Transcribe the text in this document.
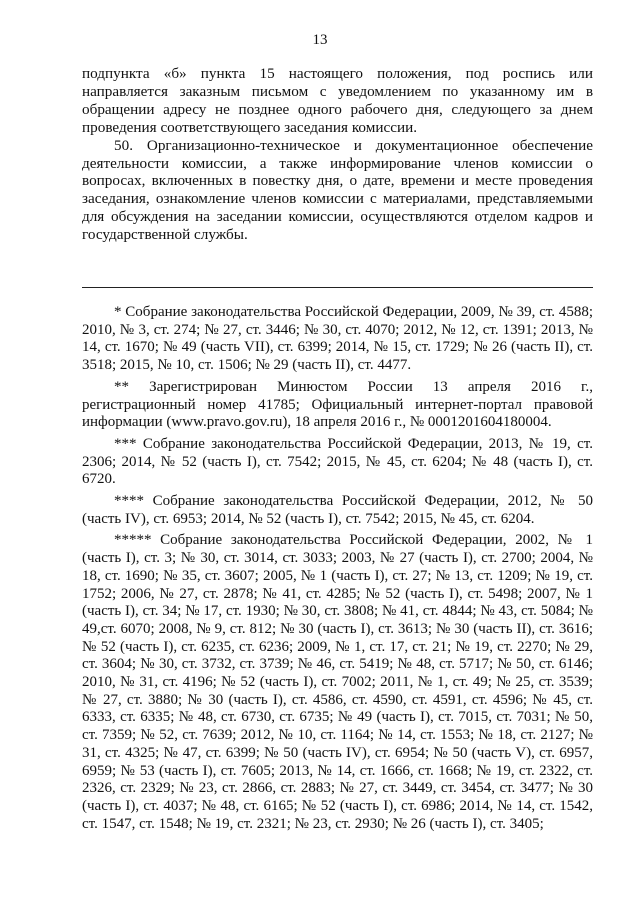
13

подпункта «б» пункта 15 настоящего положения, под роспись или направляется заказным письмом с уведомлением по указанному им в обращении адресу не позднее одного рабочего дня, следующего за днем проведения соответствующего заседания комиссии.

50. Организационно-техническое и документационное обеспечение деятельности комиссии, а также информирование членов комиссии о вопросах, включенных в повестку дня, о дате, времени и месте проведения заседания, ознакомление членов комиссии с материалами, представляемыми для обсуждения на заседании комиссии, осуществляются отделом кадров и государственной службы.

* Собрание законодательства Российской Федерации, 2009, № 39, ст. 4588; 2010, № 3, ст. 274; № 27, ст. 3446; № 30, ст. 4070; 2012, № 12, ст. 1391; 2013, № 14, ст. 1670; № 49 (часть VII), ст. 6399; 2014, № 15, ст. 1729; № 26 (часть II), ст. 3518; 2015, № 10, ст. 1506; № 29 (часть II), ст. 4477.

** Зарегистрирован Минюстом России 13 апреля 2016 г., регистрационный номер 41785; Официальный интернет-портал правовой информации (www.pravo.gov.ru), 18 апреля 2016 г., № 0001201604180004.

*** Собрание законодательства Российской Федерации, 2013, № 19, ст. 2306; 2014, № 52 (часть I), ст. 7542; 2015, № 45, ст. 6204; № 48 (часть I), ст. 6720.

**** Собрание законодательства Российской Федерации, 2012, № 50 (часть IV), ст. 6953; 2014, № 52 (часть I), ст. 7542; 2015, № 45, ст. 6204.

***** Собрание законодательства Российской Федерации, 2002, № 1 (часть I), ст. 3; № 30, ст. 3014, ст. 3033; 2003, № 27 (часть I), ст. 2700; 2004, № 18, ст. 1690; № 35, ст. 3607; 2005, № 1 (часть I), ст. 27; № 13, ст. 1209; № 19, ст. 1752; 2006, № 27, ст. 2878; № 41, ст. 4285; № 52 (часть I), ст. 5498; 2007, № 1 (часть I), ст. 34; № 17, ст. 1930; № 30, ст. 3808; № 41, ст. 4844; № 43, ст. 5084; № 49,ст. 6070; 2008, № 9, ст. 812; № 30 (часть I), ст. 3613; № 30 (часть II), ст. 3616; № 52 (часть I), ст. 6235, ст. 6236; 2009, № 1, ст. 17, ст. 21; № 19, ст. 2270; № 29, ст. 3604; № 30, ст. 3732, ст. 3739; № 46, ст. 5419; № 48, ст. 5717; № 50, ст. 6146; 2010, № 31, ст. 4196; № 52 (часть I), ст. 7002; 2011, № 1, ст. 49; № 25, ст. 3539; № 27, ст. 3880; № 30 (часть I), ст. 4586, ст. 4590, ст. 4591, ст. 4596; № 45, ст. 6333, ст. 6335; № 48, ст. 6730, ст. 6735; № 49 (часть I), ст. 7015, ст. 7031; № 50, ст. 7359; № 52, ст. 7639; 2012, № 10, ст. 1164; № 14, ст. 1553; № 18, ст. 2127; № 31, ст. 4325; № 47, ст. 6399; № 50 (часть IV), ст. 6954; № 50 (часть V), ст. 6957, 6959; № 53 (часть I), ст. 7605; 2013, № 14, ст. 1666, ст. 1668; № 19, ст. 2322, ст. 2326, ст. 2329; № 23, ст. 2866, ст. 2883; № 27, ст. 3449, ст. 3454, ст. 3477; № 30 (часть I), ст. 4037; № 48, ст. 6165; № 52 (часть I), ст. 6986; 2014, № 14, ст. 1542, ст. 1547, ст. 1548; № 19, ст. 2321; № 23, ст. 2930; № 26 (часть I), ст. 3405;
